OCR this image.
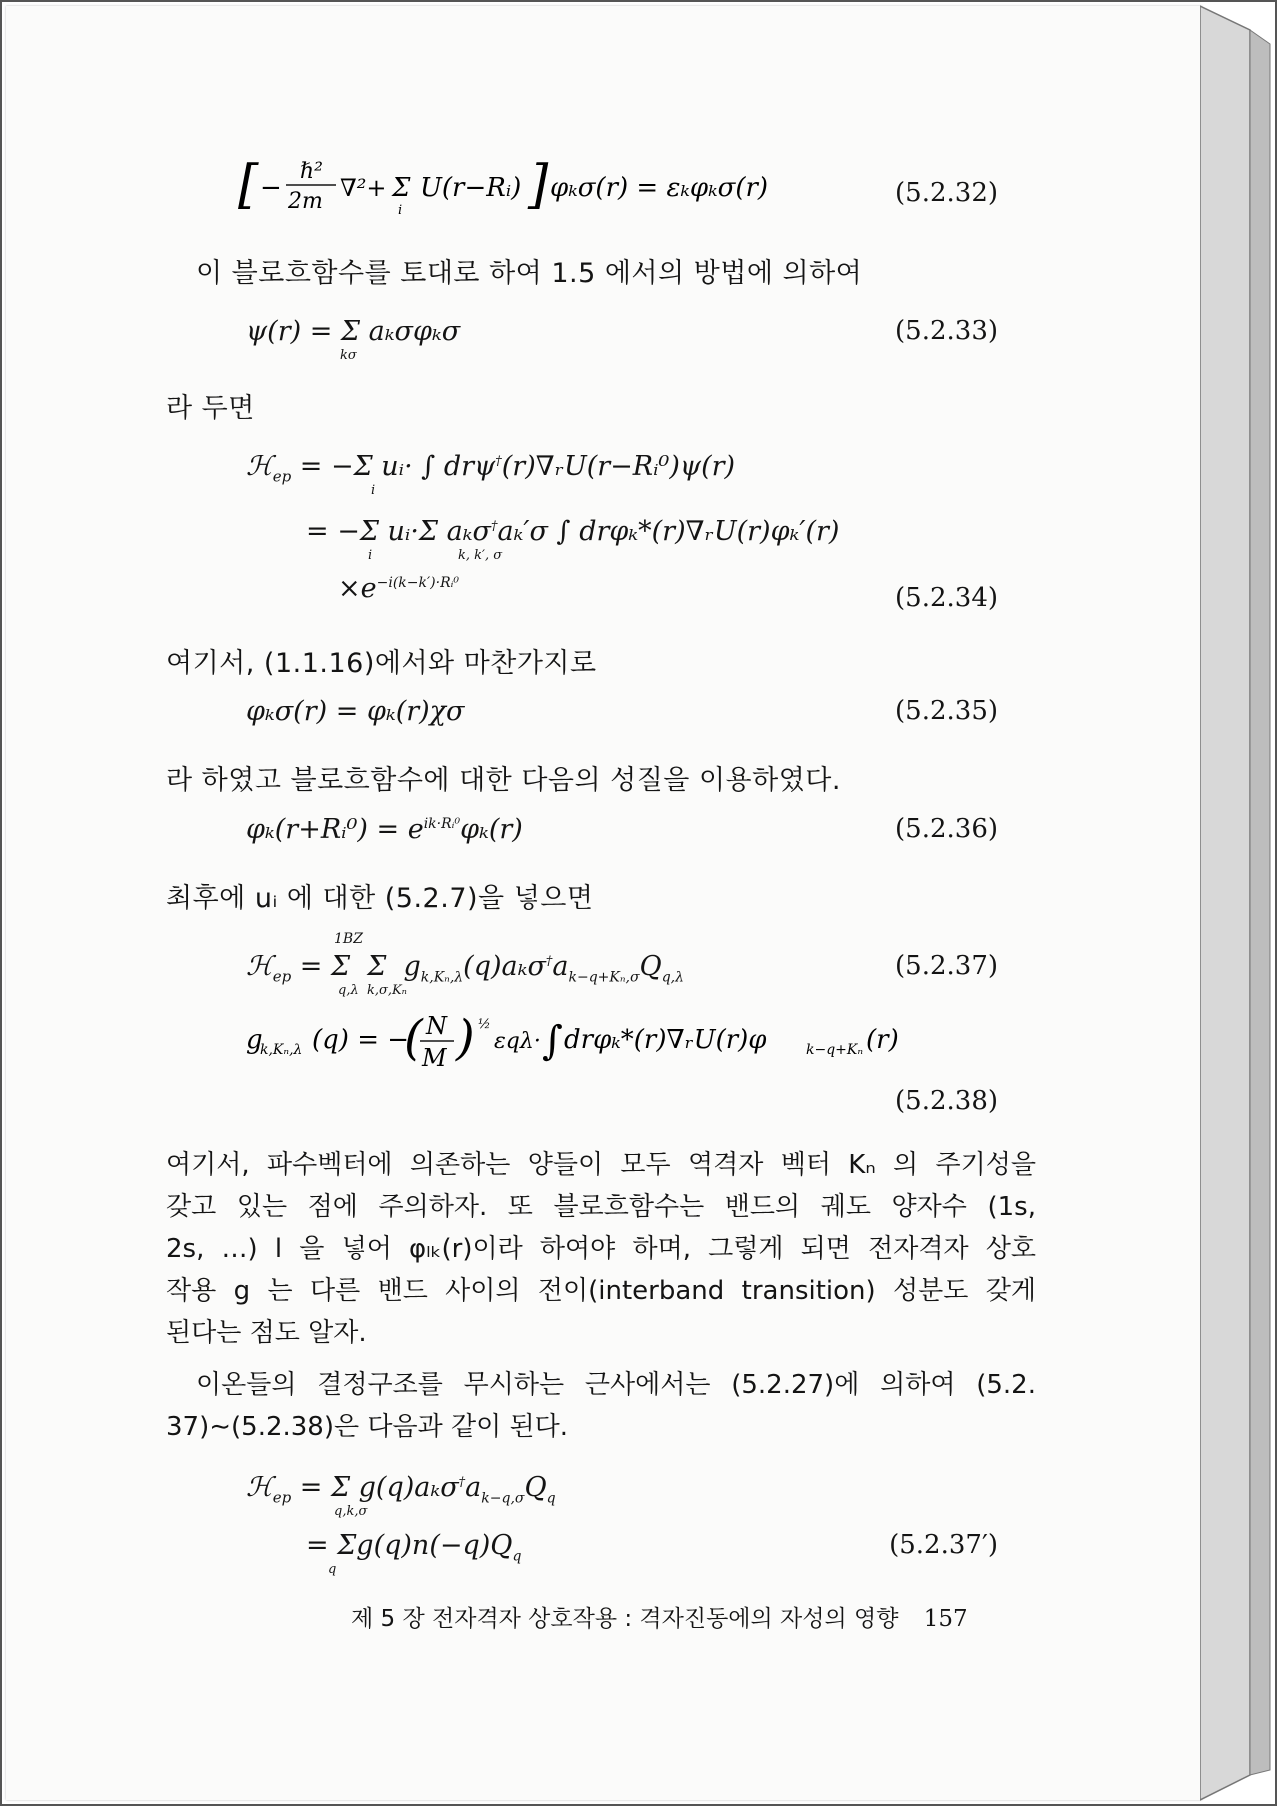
[ −
ℏ²
2m ∇²+ Σ
i
U(r−Rᵢ) ] φₖσ(r) = εₖφₖσ(r)	(5.2.32)
이 블로흐함수를 토대로 하여 1.5 에서의 방법에 의하여
ψ(r) = Σ aₖσφₖσ
kσ
(5.2.33)
라 두면
ℋ$_{ep}$ = −Σ uᵢ· ∫ drψ†(r)∇ᵣU(r−Rᵢ⁰)ψ(r)
i
= −Σ uᵢ·Σ aₖσ†aₖ′σ ∫ drφₖ*(r)∇ᵣU(r)φₖ′(r)
i	k, k′, σ
$\times e^{-i(k-k')\cdot Rᵢ^0}$	(5.2.34)
여기서, (1.1.16)에서와 마찬가지로
φₖσ(r) = φₖ(r)χσ	(5.2.35)
라 하였고 블로흐함수에 대한 다음의 성질을 이용하였다.
φₖ(r+Rᵢ⁰) = $e^{ik\cdot Rᵢ^0}\varphi_k(r)$	(5.2.36)
최후에 uᵢ 에 대한 (5.2.7)을 넣으면
1BZ
ℋ$_{ep}$ = Σ  Σ  $g_{k,K_n,\lambda}(q)a_k\sigma^\dagger a_{k-q+K_n,\sigma}Q_{q,\lambda}$
q,λ  k,σ,Kₙ
(5.2.37)
g
k,Kₙ,λ (q) = −
( N
M ) ½
εqλ· ∫ drφₖ*(r)∇ᵣU(r)φ	k−q+Kₙ (r)
(5.2.38)
여기서, 파수벡터에 의존하는 양들이 모두 역격자 벡터 Kₙ 의 주기성을
갖고 있는 점에 주의하자. 또 블로흐함수는 밴드의 궤도 양자수 (1s,
2s, …) l 을 넣어 φₗₖ(r)이라 하여야 하며, 그렇게 되면 전자격자 상호
작용 g 는 다른 밴드 사이의 전이(interband transition) 성분도 갖게
된다는 점도 알자.
이온들의 결정구조를 무시하는 근사에서는 (5.2.27)에 의하여 (5.2.
37)∼(5.2.38)은 다음과 같이 된다.
ℋ$_{ep}$ = Σ $g(q)a_k\sigma^\dagger a_{k-q,\sigma}Q_q$
q,k,σ
= $\Sigma g(q)n(-q)Q_q$
q
(5.2.37′)
제 5 장 전자격자 상호작용 : 격자진동에의 자성의 영향 157
